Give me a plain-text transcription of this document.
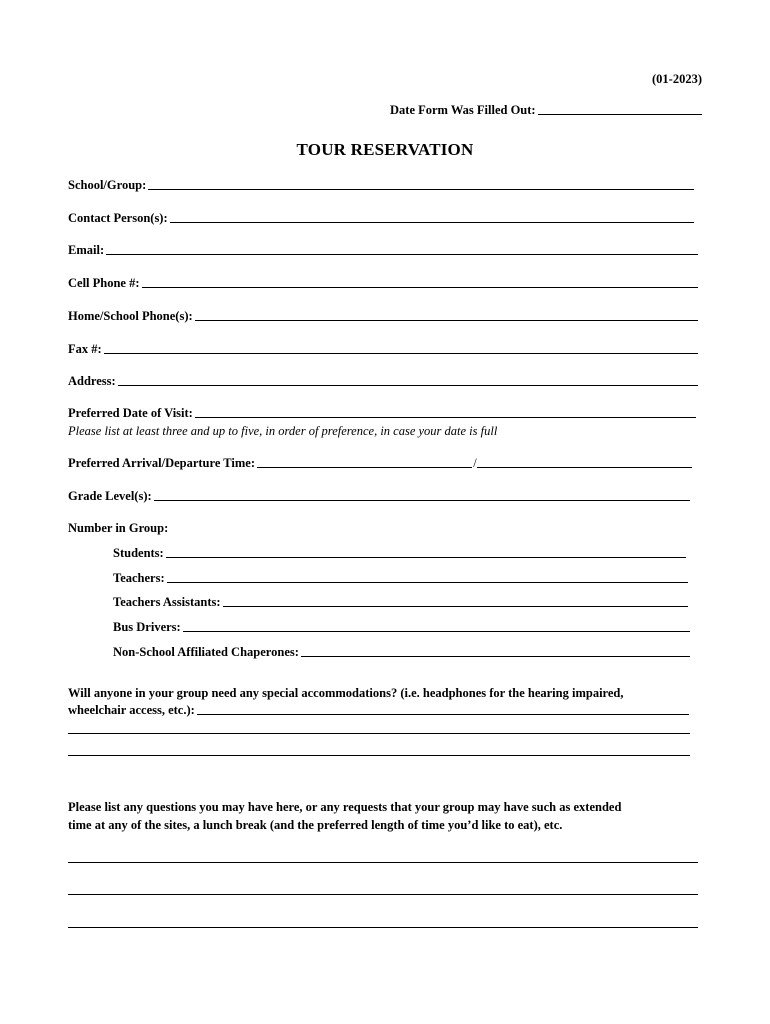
(01-2023)
Date Form Was Filled Out:
TOUR RESERVATION
School/Group:
Contact Person(s):
Email:
Cell Phone #:
Home/School Phone(s):
Fax #:
Address:
Preferred Date of Visit:
Please list at least three and up to five, in order of preference, in case your date is full
Preferred Arrival/Departure Time:	/
Grade Level(s):
Number in Group:
Students:
Teachers:
Teachers Assistants:
Bus Drivers:
Non-School Affiliated Chaperones:
Will anyone in your group need any special accommodations? (i.e. headphones for the hearing impaired,
wheelchair access, etc.):
Please list any questions you may have here, or any requests that your group may have such as extended
time at any of the sites, a lunch break (and the preferred length of time you’d like to eat), etc.
